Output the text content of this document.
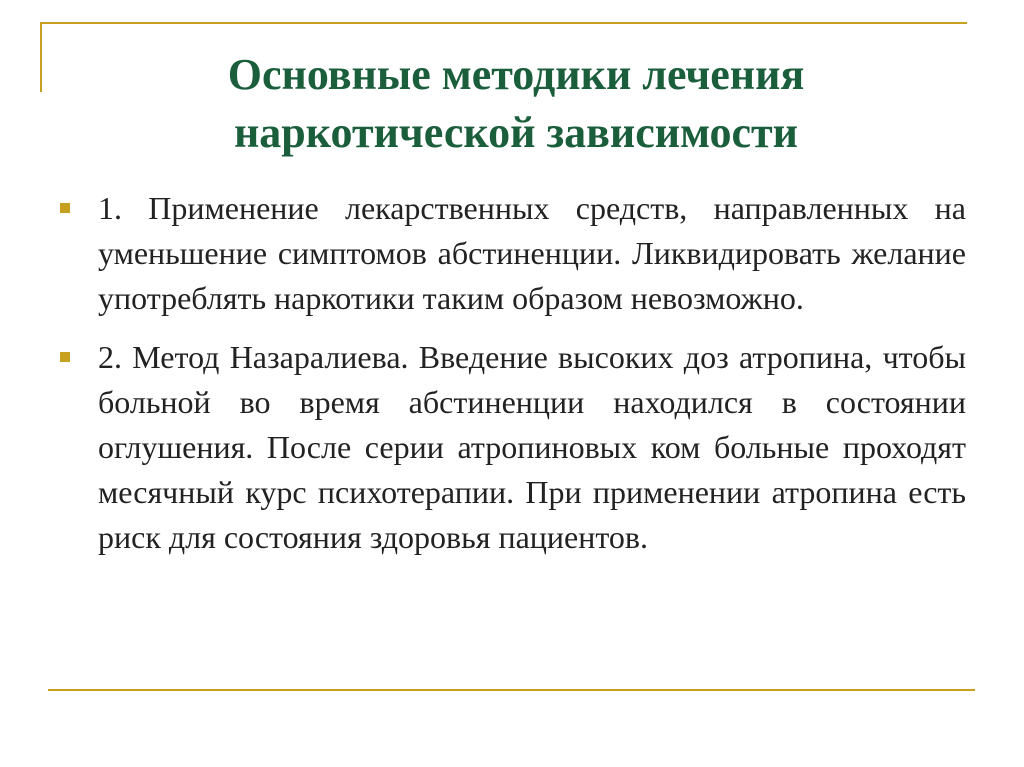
Основные методики лечения
наркотической зависимости

1. Применение лекарственных средств, направленных на уменьшение симптомов абстиненции. Ликвидировать желание употреблять наркотики таким образом невозможно.

2. Метод Назаралиева. Введение высоких доз атропина, чтобы больной во время абстиненции находился в состоянии оглушения. После серии атропиновых ком больные проходят месячный курс психотерапии. При применении атропина есть риск для состояния здоровья пациентов.
